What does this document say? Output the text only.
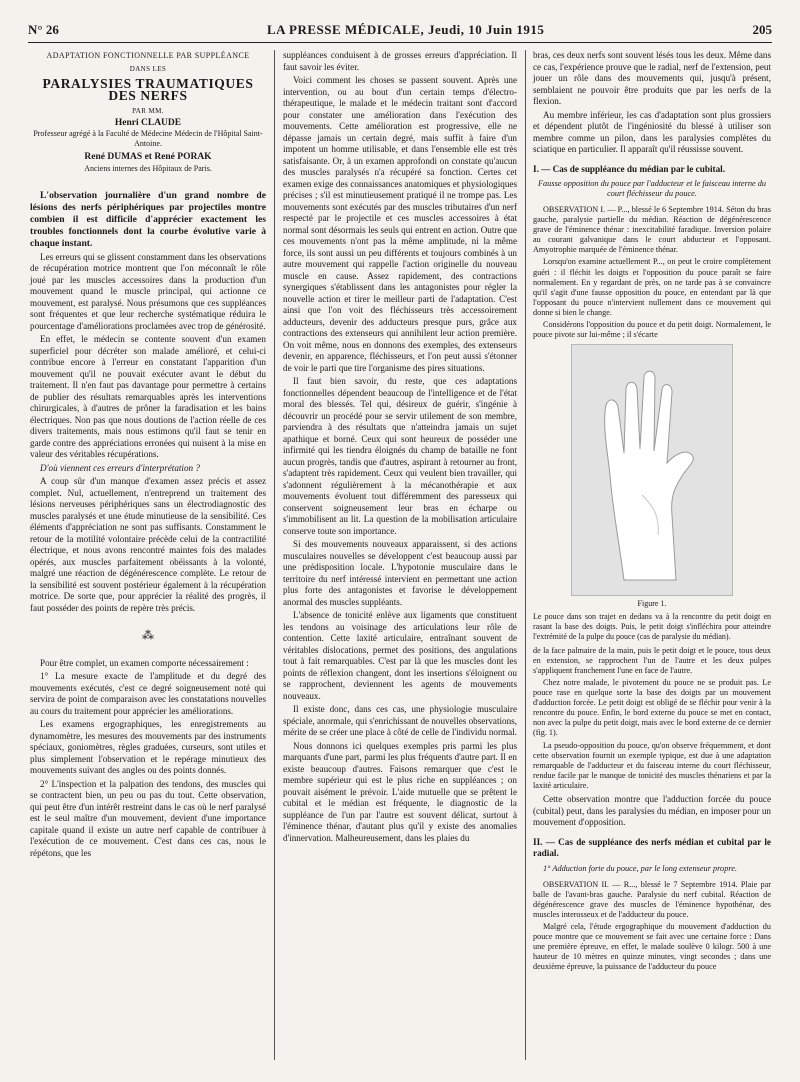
N° 26	LA PRESSE MÉDICALE, Jeudi, 10 Juin 1915	205
ADAPTATION FONCTIONNELLE PAR SUPPLÉANCE
DANS LES
PARALYSIES TRAUMATIQUES DES NERFS
PAR MM.
Henri CLAUDE
Professeur agrégé à la Faculté de Médecine Médecin de l'Hôpital Saint-Antoine.
René DUMAS et René PORAK
Anciens internes des Hôpitaux de Paris.

L'observation journalière d'un grand nombre de lésions des nerfs périphériques par projectiles montre combien il est difficile d'apprécier exactement les troubles fonctionnels dont la courbe évolutive varie à chaque instant.

Les erreurs qui se glissent constamment dans les observations de récupération motrice montrent que l'on méconnaît le rôle joué par les muscles accessoires dans la production d'un mouvement quand le muscle principal, qui actionne ce mouvement, est paralysé. Nous présumons que ces suppléances sont fréquentes et que leur recherche systématique réduira le pourcentage d'améliorations proclamées avec trop de générosité.

En effet, le médecin se contente souvent d'un examen superficiel pour décréter son malade amélioré, et celui-ci contribue encore à l'erreur en constatant l'apparition d'un mouvement qu'il ne pouvait exécuter avant le début du traitement. Il n'en faut pas davantage pour permettre à certains de publier des résultats remarquables après les interventions chirurgicales, à d'autres de prôner la faradisation et les bains électriques. Non pas que nous doutions de l'action réelle de ces divers traitements, mais nous estimons qu'il faut se tenir en garde contre des appréciations erronées qui nuisent à la mise en valeur des véritables récupérations.

D'où viennent ces erreurs d'interprétation ?

A coup sûr d'un manque d'examen assez précis et assez complet. Nul, actuellement, n'entreprend un traitement des lésions nerveuses périphériques sans un électrodiagnostic des muscles paralysés et une étude minutieuse de la sensibilité. Ces éléments d'appréciation ne sont pas suffisants. Constamment le retour de la motilité volontaire précède celui de la contractilité électrique, et nous avons rencontré maintes fois des malades opérés, aux muscles parfaitement obéissants à la volonté, malgré une réaction de dégénérescence complète. Le retour de la sensibilité est souvent postérieur également à la récupération motrice. De sorte que, pour apprécier la réalité des progrès, il faut posséder des points de repère très précis.

⁂

Pour être complet, un examen comporte nécessairement :

1° La mesure exacte de l'amplitude et du degré des mouvements exécutés, c'est ce degré soigneusement noté qui servira de point de comparaison avec les constatations nouvelles au cours du traitement pour apprécier les améliorations.

Les examens ergographiques, les enregistrements au dynamomètre, les mesures des mouvements par des instruments spéciaux, goniomètres, règles graduées, curseurs, sont utiles et plus simplement l'observation et le repérage minutieux des mouvements suivant des angles ou des points donnés.

2° L'inspection et la palpation des tendons, des muscles qui se contractent bien, un peu ou pas du tout. Cette observation, qui peut être d'un intérêt restreint dans le cas où le nerf paralysé est le seul maître d'un mouvement, devient d'une importance capitale quand il existe un autre nerf capable de contribuer à l'exécution de ce mouvement. C'est dans ces cas, nous le répétons, que les

suppléances conduisent à de grosses erreurs d'appréciation. Il faut savoir les éviter.

Voici comment les choses se passent souvent. Après une intervention, ou au bout d'un certain temps d'électro-thérapeutique, le malade et le médecin traitant sont d'accord pour constater une amélioration dans l'exécution des mouvements. Cette amélioration est progressive, elle ne dépasse jamais un certain degré, mais suffit à faire d'un impotent un homme utilisable, et dans l'ensemble elle est très satisfaisante. Or, à un examen approfondi on constate qu'aucun des muscles paralysés n'a récupéré sa fonction. Certes cet examen exige des connaissances anatomiques et physiologiques précises ; s'il est minutieusement pratiqué il ne trompe pas. Les mouvements sont exécutés par des muscles tributaires d'un nerf respecté par le projectile et ces muscles accessoires à état normal sont désormais les seuls qui entrent en action. Outre que ces mouvements n'ont pas la même amplitude, ni la même force, ils sont aussi un peu différents et toujours combinés à un autre mouvement qui rappelle l'action originelle du nouveau muscle en cause. Assez rapidement, des contractions synergiques s'établissent dans les antagonistes pour régler la nouvelle action et tirer le meilleur parti de l'adaptation. C'est ainsi que l'on voit des fléchisseurs très accessoirement adducteurs, devenir des adducteurs presque purs, grâce aux contractions des extenseurs qui annihilent leur action première. On voit même, nous en donnons des exemples, des extenseurs devenir, en apparence, fléchisseurs, et l'on peut aussi s'étonner de voir le parti que tire l'organisme des pires situations.

Il faut bien savoir, du reste, que ces adaptations fonctionnelles dépendent beaucoup de l'intelligence et de l'état moral des blessés. Tel qui, désireux de guérir, s'ingénie à découvrir un procédé pour se servir utilement de son membre, parviendra à des résultats que n'atteindra jamais un sujet apathique et borné. Ceux qui sont heureux de posséder une infirmité qui les tiendra éloignés du champ de bataille ne font aucun progrès, tandis que d'autres, aspirant à retourner au front, s'adaptent très rapidement. Ceux qui veulent bien travailler, qui s'adonnent régulièrement à la mécanothérapie et aux mouvements évoluent tout différemment des paresseux qui conservent soigneusement leur bras en écharpe ou s'immobilisent au lit. La question de la mobilisation articulaire conserve toute son importance.

Si des mouvements nouveaux apparaissent, si des actions musculaires nouvelles se développent c'est beaucoup aussi par une prédisposition locale. L'hypotonie musculaire dans le territoire du nerf intéressé intervient en permettant une action plus forte des antagonistes et favorise le développement anormal des muscles suppléants.

L'absence de tonicité enlève aux ligaments que constituent les tendons au voisinage des articulations leur rôle de contention. Cette laxité articulaire, entraînant souvent de véritables dislocations, permet des positions, des angulations tout à fait remarquables. C'est par là que les muscles dont les points de réflexion changent, dont les insertions s'éloignent ou se rapprochent, deviennent les agents de mouvements nouveaux.

Il existe donc, dans ces cas, une physiologie musculaire spéciale, anormale, qui s'enrichissant de nouvelles observations, mérite de se créer une place à côté de celle de l'individu normal.

Nous donnons ici quelques exemples pris parmi les plus marquants d'une part, parmi les plus fréquents d'autre part. Il en existe beaucoup d'autres. Faisons remarquer que c'est le membre supérieur qui est le plus riche en suppléances ; on pouvait aisément le prévoir. L'aide mutuelle que se prêtent le cubital et le médian est fréquente, le diagnostic de la suppléance de l'un par l'autre est souvent délicat, surtout à l'éminence thénar, d'autant plus qu'il y existe des anomalies d'innervation. Malheureusement, dans les plaies du

bras, ces deux nerfs sont souvent lésés tous les deux. Même dans ce cas, l'expérience prouve que le radial, nerf de l'extension, peut jouer un rôle dans des mouvements qui, jusqu'à présent, semblaient ne pouvoir être produits que par les nerfs de la flexion.

Au membre inférieur, les cas d'adaptation sont plus grossiers et dépendent plutôt de l'ingéniosité du blessé à utiliser son membre comme un pilon, dans les paralysies complètes du sciatique en particulier. Il apparaît qu'il réussisse souvent.

I. — Cas de suppléance du médian par le cubital.

Fausse opposition du pouce par l'adducteur et le faisceau interne du court fléchisseur du pouce.

OBSERVATION I. — P..., blessé le 6 Septembre 1914. Séton du bras gauche, paralysie partielle du médian. Réaction de dégénérescence grave de l'éminence thénar : inexcitabilité faradique. Inversion polaire au courant galvanique dans le court abducteur et l'opposant. Amyotrophie marquée de l'éminence thénar.

Lorsqu'on examine actuellement P..., on peut le croire complètement guéri : il fléchit les doigts et l'opposition du pouce paraît se faire normalement. En y regardant de près, on ne tarde pas à se convaincre qu'il s'agit d'une fausse opposition du pouce, en entendant par là que l'opposant du pouce n'intervient nullement dans ce mouvement qui donne si bien le change.

Considérons l'opposition du pouce et du petit doigt. Normalement, le pouce pivote sur lui-même ; il s'écarte

Figure 1.

Le pouce dans son trajet en dedans va à la rencontre du petit doigt en rasant la base des doigts. Puis, le petit doigt s'infléchira pour atteindre l'extrémité de la pulpe du pouce (cas de paralysie du médian).

de la face palmaire de la main, puis le petit doigt et le pouce, tous deux en extension, se rapprochent l'un de l'autre et les deux pulpes s'appliquent franchement l'une en face de l'autre.

Chez notre malade, le pivotement du pouce ne se produit pas. Le pouce rase en quelque sorte la base des doigts par un mouvement d'adduction forcée. Le petit doigt est obligé de se fléchir pour venir à la rencontre du pouce. Enfin, le bord externe du pouce se met en contact, non avec la pulpe du petit doigt, mais avec le bord externe de ce dernier (fig. 1).

La pseudo-opposition du pouce, qu'on observe fréquemment, et dont cette observation fournit un exemple typique, est due à une adaptation remarquable de l'adducteur et du faisceau interne du court fléchisseur, rendue facile par le manque de tonicité des muscles thénariens et par la laxité articulaire.

Cette observation montre que l'adduction forcée du pouce (cubital) peut, dans les paralysies du médian, en imposer pour un mouvement d'opposition.

II. — Cas de suppléance des nerfs médian et cubital par le radial.

1° Adduction forte du pouce, par le long extenseur propre.

OBSERVATION II. — R..., blessé le 7 Septembre 1914. Plaie par balle de l'avant-bras gauche. Paralysie du nerf cubital. Réaction de dégénérescence grave des muscles de l'éminence hypothénar, des muscles interosseux et de l'adducteur du pouce.

Malgré cela, l'étude ergographique du mouvement d'adduction du pouce montre que ce mouvement se fait avec une certaine force : Dans une première épreuve, en effet, le malade soulève 0 kilogr. 500 à une hauteur de 10 mètres en quinze minutes, vingt secondes ; dans une deuxième épreuve, la puissance de l'adducteur du pouce
